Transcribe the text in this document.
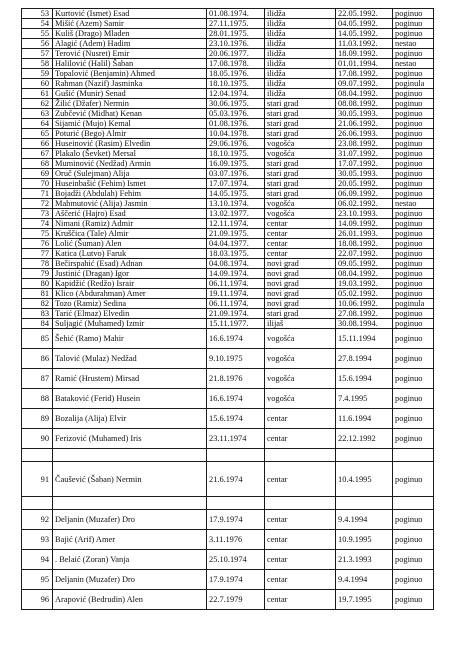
53	Kurtović (Ismet) Esad	01.08.1974.	ilidža	22.05.1992.	poginuo
54	Mišić (Azem) Samir	27.11.1975.	ilidža	04.05.1992.	poginuo
55	Kuliš (Drago) Mladen	28.01.1975.	ilidža	14.05.1992.	poginuo
56	Alagić (Adem) Hadim	23.10.1976.	ilidža	11.03.1992.	nestao
57	Terović (Nusret) Emir	20.06.1977.	ilidža	18.09.1992.	poginuo
58	Halilović (Halil) Šaban	17.08.1978.	ilidža	01.01.1994.	nestao
59	Topalović (Benjamin) Ahmed	18.05.1976.	ilidža	17.08.1992.	poginuo
60	Rahman (Nazif) Jasminka	18.10.1975.	ilidža	09.07.1992.	poginula
61	Gušić (Munir) Senad	12.04.1974.	ilidža	08.04.1992.	poginuo
62	Žilić (Džafer) Nermin	30.06.1975.	stari grad	08.08.1992.	poginuo
63	Zubčević (Midhat) Kenan	05.03.1976.	stari grad	30.05.1993.	poginuo
64	Sijamić (Mujo) Kemal	01.08.1976.	stari grad	21.06.1992.	poginuo
65	Poturić (Bego) Almir	10.04.1978.	stari grad	26.06.1993.	poginuo
66	Huseinović (Rasim) Elvedin	29.06.1976.	vogošća	23.08.1992.	poginuo
67	Plakalo (Ševket) Mersal	18.10.1975.	vogošća	31.07.1992.	poginuo
68	Muminović (Nedžad) Armin	16.09.1975.	stari grad	17.07.1992.	poginuo
69	Oruč (Sulejman) Alija	03.07.1976.	stari grad	30.05.1993.	poginuo
70	Huseinbašić (Fehim) Ismet	17.07.1974.	stari grad	20.05.1992.	poginuo
71	Bojadži (Abdulah) Fehim	14.05.1975.	stari grad	06.09.1992.	poginuo
72	Mahmutović (Alija) Jasmin	13.10.1974.	vogošća	06.02.1992.	nestao
73	Aščerić (Hajro) Esad	13.02.1977.	vogošća	23.10.1993.	poginuo
74	Nimani (Ramiz) Admir	12.11.1974.	centar	14.09.1992.	poginuo
75	Kruščica (Tale) Almir	21.09.1975.	centar	26.01.1993.	poginuo
76	Lolić (Šuman) Alen	04.04.1977.	centar	18.08.1992.	poginuo
77	Katica (Lutvo) Faruk	18.03.1975.	centar	22.07.1992.	poginuo
78	Bečirspahić (Esad) Adnan	04.08.1974.	novi grad	09.05.1992.	poginuo
79	Justinić (Dragan) Igor	14.09.1974.	novi grad	08.04.1992.	poginuo
80	Kapidžić (Redžo) Israir	06.11.1974.	novi grad	19.03.1992.	poginuo
81	Klico (Abdurahman) Amer	19.11.1974.	novi grad	05.02.1992.	poginuo
82	Tozo (Ramiz) Sedina	06.11.1974.	novi grad	10.06.1992.	poginula
83	Tarić (Elmaz) Elvedin	21.09.1974.	stari grad	27.08.1992.	poginuo
84	Suljagić (Muhamed) Izmir	15.11.1977.	ilijaš	30.08.1994.	poginuo
85	Šehić (Ramo) Mahir	16.6.1974	vogošća	15.11.1994	poginuo
86	Talović (Mulaz) Nedžad	9.10.1975	vogošća	27.8.1994	poginuo
87	Ramić (Hrustem) Mirsad	21.8.1976	vogošća	15.6.1994	poginuo
88	Bataković (Ferid) Husein	16.6.1974	vogošća	7.4.1995	poginuo
89	Bozalija (Alija) Elvir	15.6.1974	centar	11.6.1994	poginuo
90	Ferizović (Muhamed) Iris	23.11.1974	centar	22.12.1992	poginuo

91	Čaušević (Šaban) Nermin	21.6.1974	centar	10.4.1995	poginuo

92	Deljanin (Muzafer) Dro	17.9.1974	centar	9.4.1994	poginuo
93	Bajić (Arif) Amer	3.11.1976	centar	10.9.1995	poginuo
94	. Belaić (Zoran) Vanja	25.10.1974	centar	21.3.1993	poginuo
95	Deljanin (Muzafer) Dro	17.9.1974	centar	9.4.1994	poginuo
96	Arapović (Bedrudin) Alen	22.7.1979	centar	19.7.1995	poginuo
